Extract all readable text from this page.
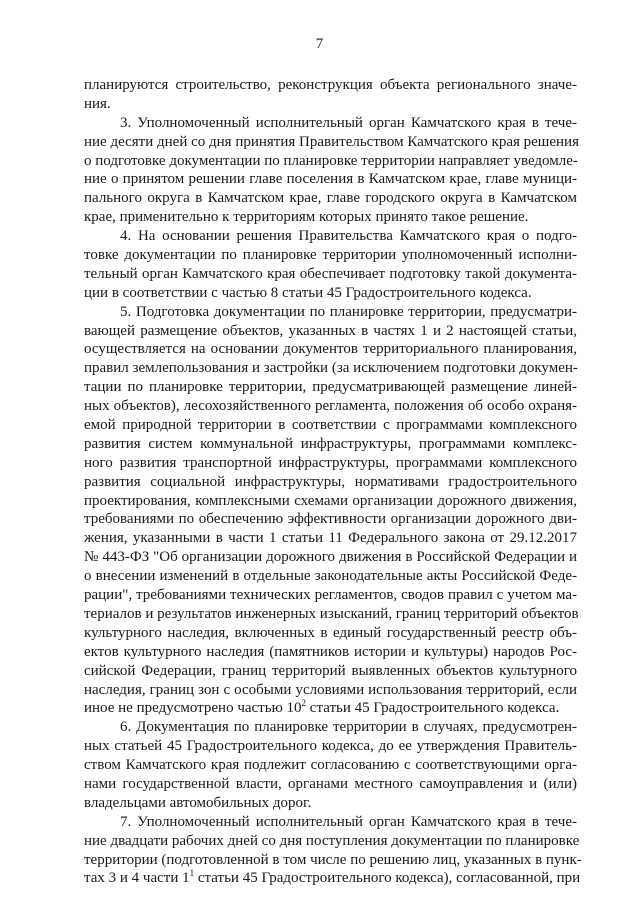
7
планируются строительство, реконструкция объекта регионального значе-
ния.
3. Уполномоченный исполнительный орган Камчатского края в тече-
ние десяти дней со дня принятия Правительством Камчатского края решения
о подготовке документации по планировке территории направляет уведомле-
ние о принятом решении главе поселения в Камчатском крае, главе муници-
пального округа в Камчатском крае, главе городского округа в Камчатском
крае, применительно к территориям которых принято такое решение.
4. На основании решения Правительства Камчатского края о подго-
товке документации по планировке территории уполномоченный исполни-
тельный орган Камчатского края обеспечивает подготовку такой документа-
ции в соответствии с частью 8 статьи 45 Градостроительного кодекса.
5. Подготовка документации по планировке территории, предусматри-
вающей размещение объектов, указанных в частях 1 и 2 настоящей статьи,
осуществляется на основании документов территориального планирования,
правил землепользования и застройки (за исключением подготовки докумен-
тации по планировке территории, предусматривающей размещение линей-
ных объектов), лесохозяйственного регламента, положения об особо охраня-
емой природной территории в соответствии с программами комплексного
развития систем коммунальной инфраструктуры, программами комплекс-
ного развития транспортной инфраструктуры, программами комплексного
развития социальной инфраструктуры, нормативами градостроительного
проектирования, комплексными схемами организации дорожного движения,
требованиями по обеспечению эффективности организации дорожного дви-
жения, указанными в части 1 статьи 11 Федерального закона от 29.12.2017
№ 443-ФЗ "Об организации дорожного движения в Российской Федерации и
о внесении изменений в отдельные законодательные акты Российской Феде-
рации", требованиями технических регламентов, сводов правил с учетом ма-
териалов и результатов инженерных изысканий, границ территорий объектов
культурного наследия, включенных в единый государственный реестр объ-
ектов культурного наследия (памятников истории и культуры) народов Рос-
сийской Федерации, границ территорий выявленных объектов культурного
наследия, границ зон с особыми условиями использования территорий, если
иное не предусмотрено частью $10^2$ статьи 45 Градостроительного кодекса.
6. Документация по планировке территории в случаях, предусмотрен-
ных статьей 45 Градостроительного кодекса, до ее утверждения Правитель-
ством Камчатского края подлежит согласованию с соответствующими орга-
нами государственной власти, органами местного самоуправления и (или)
владельцами автомобильных дорог.
7. Уполномоченный исполнительный орган Камчатского края в тече-
ние двадцати рабочих дней со дня поступления документации по планировке
территории (подготовленной в том числе по решению лиц, указанных в пунк-
тах 3 и 4 части $1^1$ статьи 45 Градостроительного кодекса), согласованной, при
